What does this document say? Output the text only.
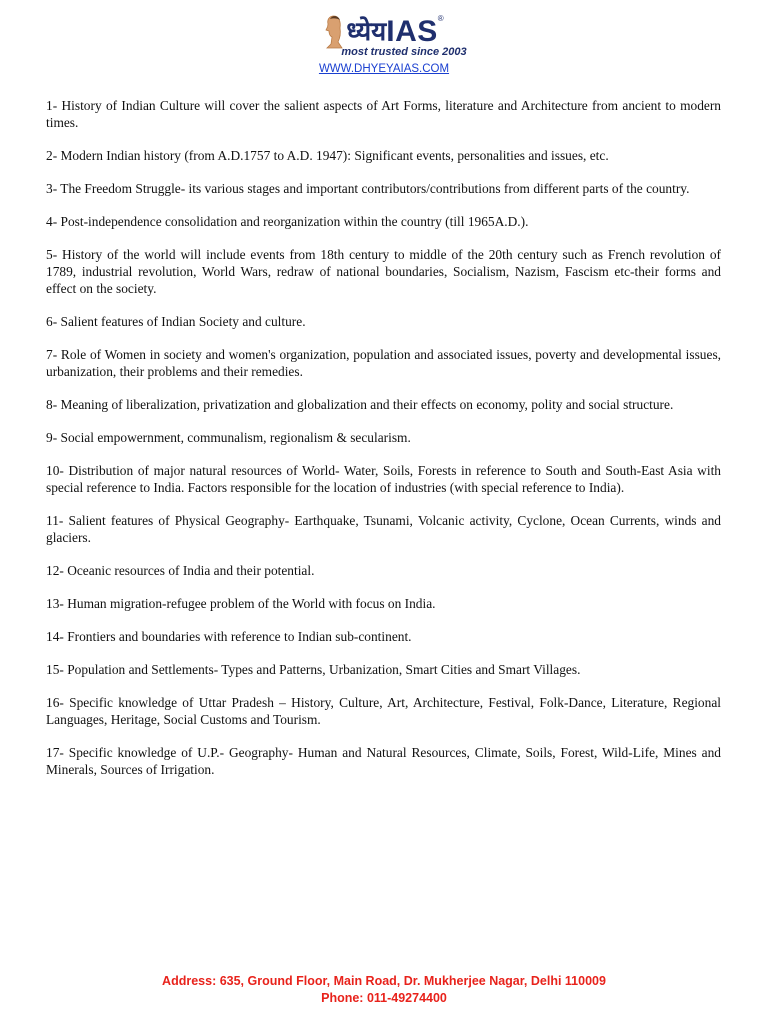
ध्येय IAS ®
most trusted since 2003
WWW.DHYEYAIAS.COM

1- History of Indian Culture will cover the salient aspects of Art Forms, literature and Architecture from ancient to modern times.

2- Modern Indian history (from A.D.1757 to A.D. 1947): Significant events, personalities and issues, etc.

3- The Freedom Struggle- its various stages and important contributors/contributions from different parts of the country.

4- Post-independence consolidation and reorganization within the country (till 1965A.D.).

5- History of the world will include events from 18th century to middle of the 20th century such as French revolution of 1789, industrial revolution, World Wars, redraw of national boundaries, Socialism, Nazism, Fascism etc-their forms and effect on the society.

6- Salient features of Indian Society and culture.

7- Role of Women in society and women's organization, population and associated issues, poverty and developmental issues, urbanization, their problems and their remedies.

8- Meaning of liberalization, privatization and globalization and their effects on economy, polity and social structure.

9- Social empowernment, communalism, regionalism & secularism.

10- Distribution of major natural resources of World- Water, Soils, Forests in reference to South and South-East Asia with special reference to India. Factors responsible for the location of industries (with special reference to India).

11- Salient features of Physical Geography- Earthquake, Tsunami, Volcanic activity, Cyclone, Ocean Currents, winds and glaciers.

12- Oceanic resources of India and their potential.

13- Human migration-refugee problem of the World with focus on India.

14- Frontiers and boundaries with reference to Indian sub-continent.

15- Population and Settlements- Types and Patterns, Urbanization, Smart Cities and Smart Villages.

16- Specific knowledge of Uttar Pradesh – History, Culture, Art, Architecture, Festival, Folk-Dance, Literature, Regional Languages, Heritage, Social Customs and Tourism.

17- Specific knowledge of U.P.- Geography- Human and Natural Resources, Climate, Soils, Forest, Wild-Life, Mines and Minerals, Sources of Irrigation.

Address: 635, Ground Floor, Main Road, Dr. Mukherjee Nagar, Delhi 110009
Phone: 011-49274400
